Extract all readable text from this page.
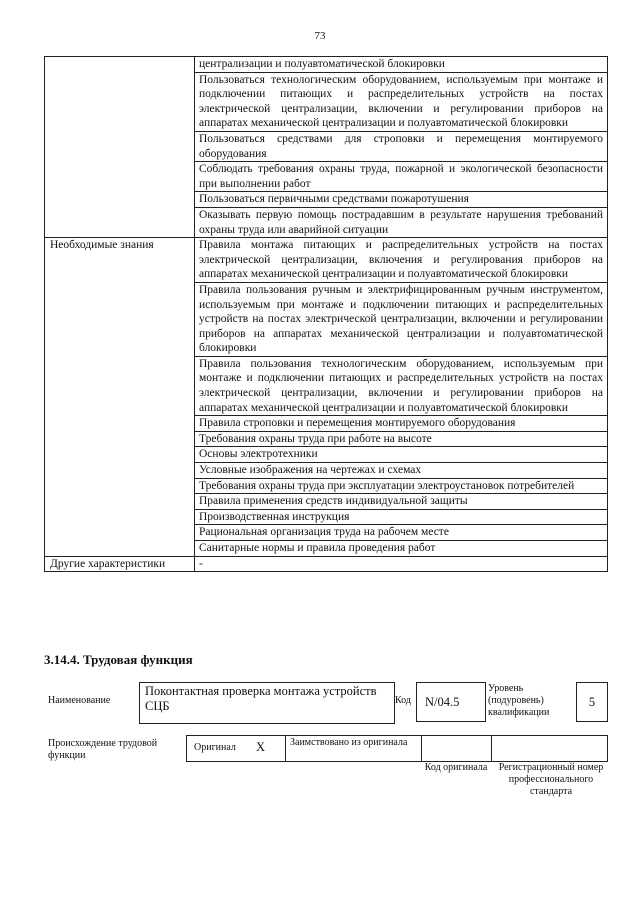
73
	централизации и полуавтоматической блокировки
	Пользоваться технологическим оборудованием, используемым при монтаже и подключении питающих и распределительных устройств на постах электрической централизации, включении и регулировании приборов на аппаратах механической централизации и полуавтоматической блокировки
	Пользоваться средствами для строповки и перемещения монтируемого оборудования
	Соблюдать требования охраны труда, пожарной и экологической безопасности при выполнении работ
	Пользоваться первичными средствами пожаротушения
	Оказывать первую помощь пострадавшим в результате нарушения требований охраны труда или аварийной ситуации
Необходимые знания	Правила монтажа питающих и распределительных устройств на постах электрической централизации, включения и регулирования приборов на аппаратах механической централизации и полуавтоматической блокировки
	Правила пользования ручным и электрифицированным ручным инструментом, используемым при монтаже и подключении питающих и распределительных устройств на постах электрической централизации, включении и регулировании приборов на аппаратах механической централизации и полуавтоматической блокировки
	Правила пользования технологическим оборудованием, используемым при монтаже и подключении питающих и распределительных устройств на постах электрической централизации, включении и регулировании приборов на аппаратах механической централизации и полуавтоматической блокировки
	Правила строповки и перемещения монтируемого оборудования
	Требования охраны труда при работе на высоте
	Основы электротехники
	Условные изображения на чертежах и схемах
	Требования охраны труда при эксплуатации электроустановок потребителей
	Правила применения средств индивидуальной защиты
	Производственная инструкция
	Рациональная организация труда на рабочем месте
	Санитарные нормы и правила проведения работ
Другие характеристики	-
3.14.4. Трудовая функция
Наименование
Поконтактная проверка монтажа устройств СЦБ	Код	N/04.5
Уровень (подуровень) квалификации
5
Происхождение трудовой функции
Оригинал X Заимствовано из оригинала
Код оригинала Регистрационный номер профессионального стандарта
